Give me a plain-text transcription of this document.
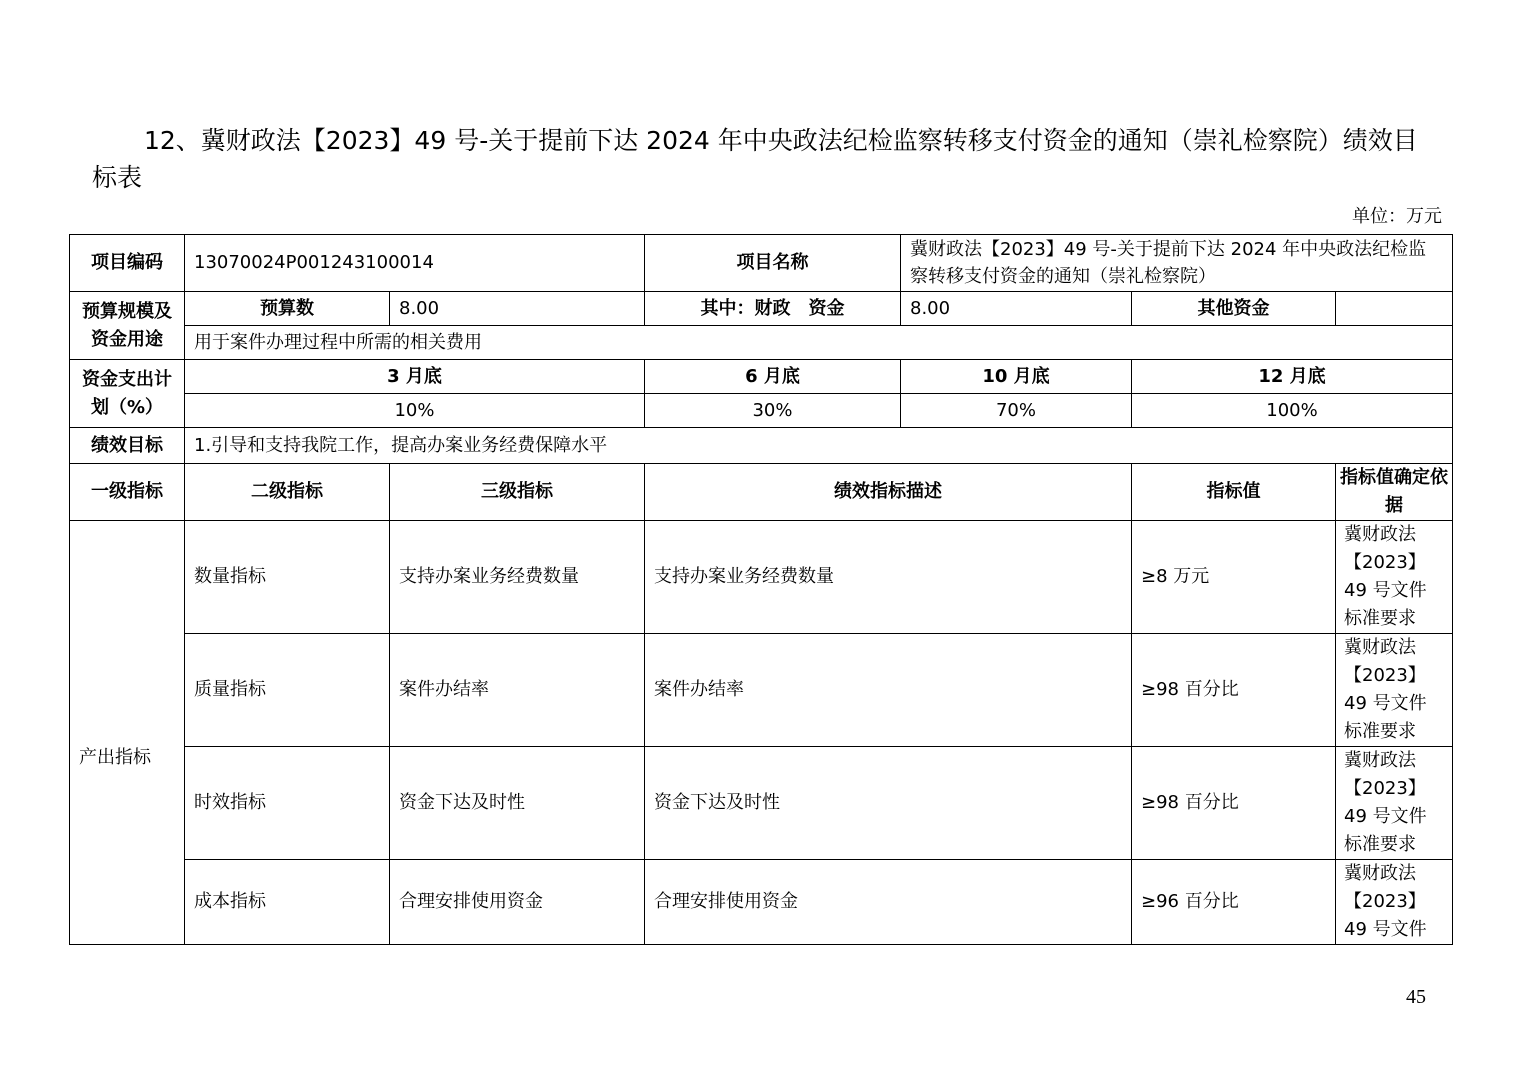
12、冀财政法【2023】49 号-关于提前下达 2024 年中央政法纪检监察转移支付资金的通知（崇礼检察院）绩效目标表
单位：万元
项目编码	13070024P001243100014		项目名称	冀财政法【2023】49 号-关于提前下达 2024 年中央政法纪检监察转移支付资金的通知（崇礼检察院）		
预算规模及资金用途	预算数	8.00	其中：财政　资金	8.00	其他资金	
	用于案件办理过程中所需的相关费用					
资金支出计划（%）	3 月底		6 月底	10 月底	12 月底	
	10%		30%	70%	100%	
绩效目标	1.引导和支持我院工作，提高办案业务经费保障水平					
一级指标	二级指标	三级指标	绩效指标描述		指标值	指标值确定依据
产出指标	数量指标	支持办案业务经费数量	支持办案业务经费数量		≥8 万元	冀财政法【2023】49 号文件标准要求
	质量指标	案件办结率	案件办结率		≥98 百分比	冀财政法【2023】49 号文件标准要求
	时效指标	资金下达及时性	资金下达及时性		≥98 百分比	冀财政法【2023】49 号文件标准要求
	成本指标	合理安排使用资金	合理安排使用资金		≥96 百分比	冀财政法【2023】49 号文件
45
